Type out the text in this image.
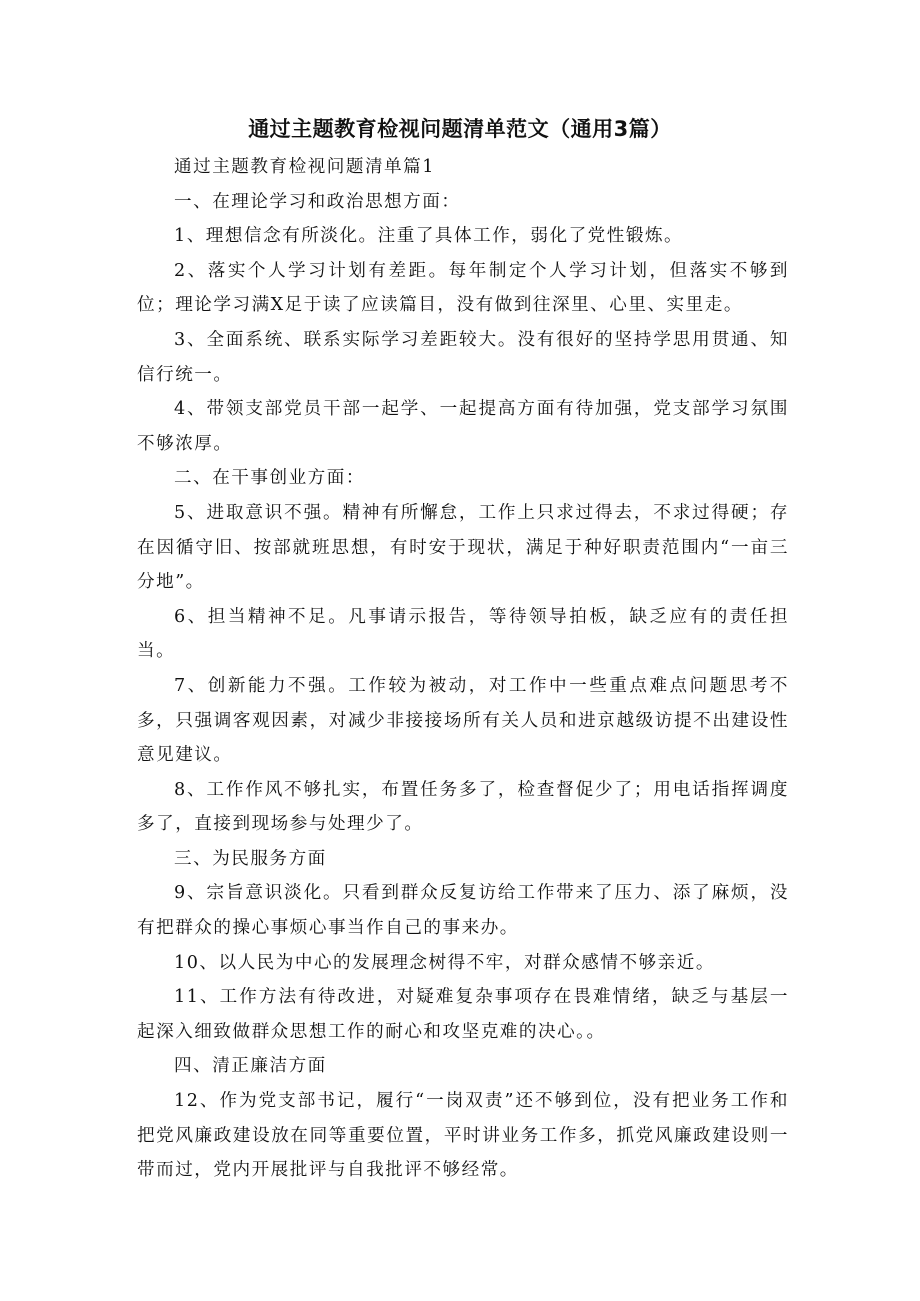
通过主题教育检视问题清单范文（通用3篇）

通过主题教育检视问题清单篇1

一、在理论学习和政治思想方面：

1、理想信念有所淡化。注重了具体工作，弱化了党性锻炼。

2、落实个人学习计划有差距。每年制定个人学习计划，但落实不够到位；理论学习满X足于读了应读篇目，没有做到往深里、心里、实里走。

3、全面系统、联系实际学习差距较大。没有很好的坚持学思用贯通、知信行统一。

4、带领支部党员干部一起学、一起提高方面有待加强，党支部学习氛围不够浓厚。

二、在干事创业方面：

5、进取意识不强。精神有所懈怠，工作上只求过得去，不求过得硬；存在因循守旧、按部就班思想，有时安于现状，满足于种好职责范围内“一亩三分地”。

6、担当精神不足。凡事请示报告，等待领导拍板，缺乏应有的责任担当。

7、创新能力不强。工作较为被动，对工作中一些重点难点问题思考不多，只强调客观因素，对减少非接接场所有关人员和进京越级访提不出建设性意见建议。

8、工作作风不够扎实，布置任务多了，检查督促少了；用电话指挥调度多了，直接到现场参与处理少了。

三、为民服务方面

9、宗旨意识淡化。只看到群众反复访给工作带来了压力、添了麻烦，没有把群众的操心事烦心事当作自己的事来办。

10、以人民为中心的发展理念树得不牢，对群众感情不够亲近。

11、工作方法有待改进，对疑难复杂事项存在畏难情绪，缺乏与基层一起深入细致做群众思想工作的耐心和攻坚克难的决心。。

四、清正廉洁方面

12、作为党支部书记，履行“一岗双责”还不够到位，没有把业务工作和把党风廉政建设放在同等重要位置，平时讲业务工作多，抓党风廉政建设则一带而过，党内开展批评与自我批评不够经常。
